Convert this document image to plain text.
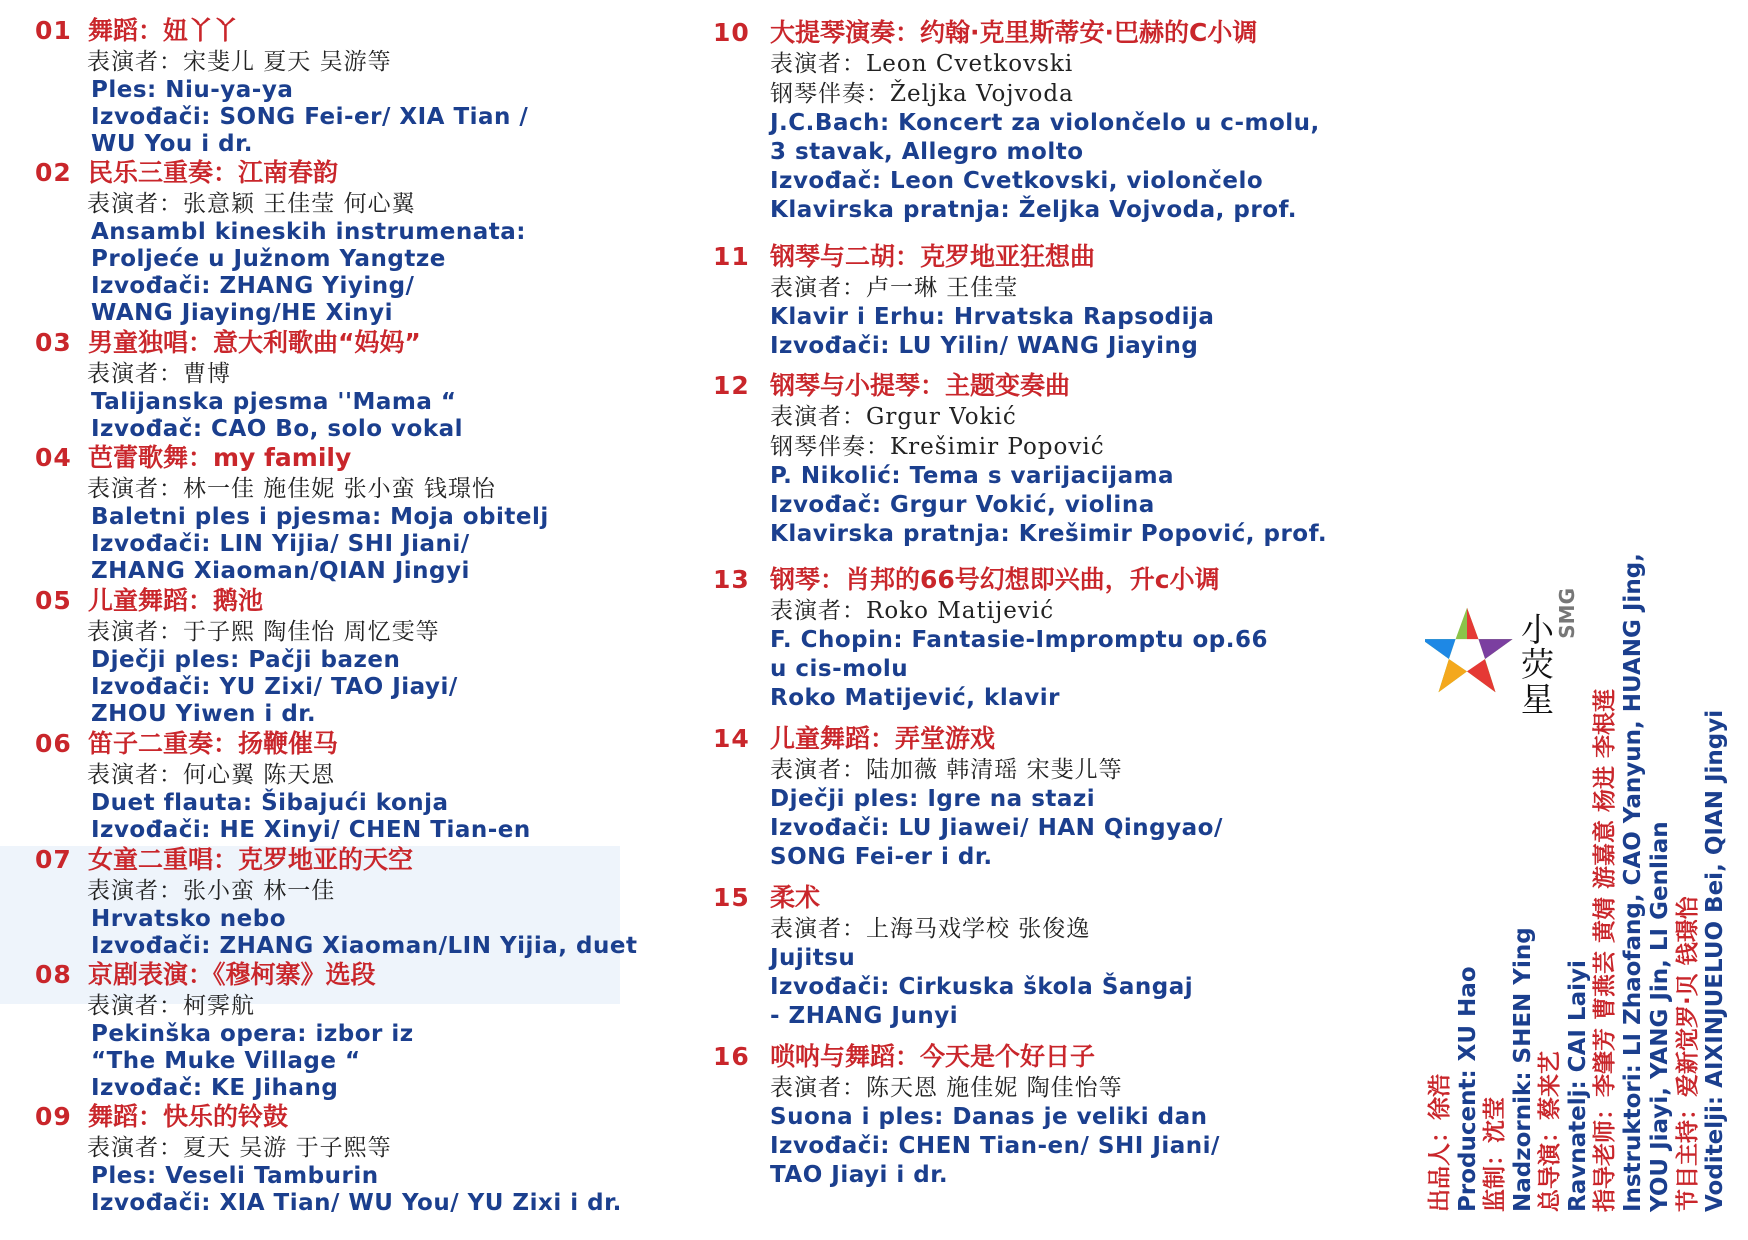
01 舞蹈：妞丫丫
表演者：宋斐儿 夏天 吴游等
Ples: Niu-ya-ya
Izvođači: SONG Fei-er/ XIA Tian /
WU You i dr.
02 民乐三重奏：江南春韵
表演者：张意颖 王佳莹 何心翼
Ansambl kineskih instrumenata:
Proljeće u Južnom Yangtze
Izvođači: ZHANG Yiying/
WANG Jiaying/HE Xinyi
03 男童独唱：意大利歌曲“妈妈”
表演者：曹博
Talijanska pjesma ''Mama “
Izvođač: CAO Bo, solo vokal
04 芭蕾歌舞：my family
表演者：林一佳 施佳妮 张小蛮 钱璟怡
Baletni ples i pjesma: Moja obitelj
Izvođači: LIN Yijia/ SHI Jiani/
ZHANG Xiaoman/QIAN Jingyi
05 儿童舞蹈：鹅池
表演者：于子熙 陶佳怡 周忆雯等
Dječji ples: Pačji bazen
Izvođači: YU Zixi/ TAO Jiayi/
ZHOU Yiwen i dr.
06 笛子二重奏：扬鞭催马
表演者：何心翼 陈天恩
Duet flauta: Šibajući konja
Izvođači: HE Xinyi/ CHEN Tian-en
07 女童二重唱：克罗地亚的天空
表演者：张小蛮 林一佳
Hrvatsko nebo
Izvođači: ZHANG Xiaoman/LIN Yijia, duet
08 京剧表演：《穆柯寨》选段
表演者：柯霁航
Pekinška opera: izbor iz
“The Muke Village “
Izvođač: KE Jihang
09 舞蹈：快乐的铃鼓
表演者：夏天 吴游 于子熙等
Ples: Veseli Tamburin
Izvođači: XIA Tian/ WU You/ YU Zixi i dr.
10 大提琴演奏：约翰·克里斯蒂安·巴赫的C小调
表演者：Leon Cvetkovski
钢琴伴奏：Željka Vojvoda
J.C.Bach: Koncert za violončelo u c-molu,
3 stavak, Allegro molto
Izvođač: Leon Cvetkovski, violončelo
Klavirska pratnja: Željka Vojvoda, prof.
11 钢琴与二胡：克罗地亚狂想曲
表演者：卢一琳 王佳莹
Klavir i Erhu: Hrvatska Rapsodija
Izvođači: LU Yilin/ WANG Jiaying
12 钢琴与小提琴：主题变奏曲
表演者：Grgur Vokić
钢琴伴奏：Krešimir Popović
P. Nikolić: Tema s varijacijama
Izvođač: Grgur Vokić, violina
Klavirska pratnja: Krešimir Popović, prof.
13 钢琴：肖邦的66号幻想即兴曲，升c小调
表演者：Roko Matijević
F. Chopin: Fantasie-Impromptu op.66
u cis-molu
Roko Matijević, klavir
14 儿童舞蹈：弄堂游戏
表演者：陆加薇 韩清瑶 宋斐儿等
Dječji ples: Igre na stazi
Izvođači: LU Jiawei/ HAN Qingyao/
SONG Fei-er i dr.
15 柔术
表演者：上海马戏学校 张俊逸
Jujitsu
Izvođači: Cirkuska škola Šangaj
- ZHANG Junyi
16 唢呐与舞蹈：今天是个好日子
表演者：陈天恩 施佳妮 陶佳怡等
Suona i ples: Danas je veliki dan
Izvođači: CHEN Tian-en/ SHI Jiani/
TAO Jiayi i dr.
小荧星 SMG
出品人：徐浩 Producent: XU Hao 监制：沈莹 Nadzornik: SHEN Ying 总导演：蔡来艺 Ravnatelj: CAI Laiyi 指导老师：李肇芳 曹燕芸 黄婧 游嘉意 杨进 李根莲 Instruktori: LI Zhaofang, CAO Yanyun, HUANG Jing, YOU Jiayi, YANG Jin, LI Genlian 节目主持：爱新觉罗·贝 钱璟怡 Voditelji: AIXINJUELUO Bei, QIAN Jingyi
